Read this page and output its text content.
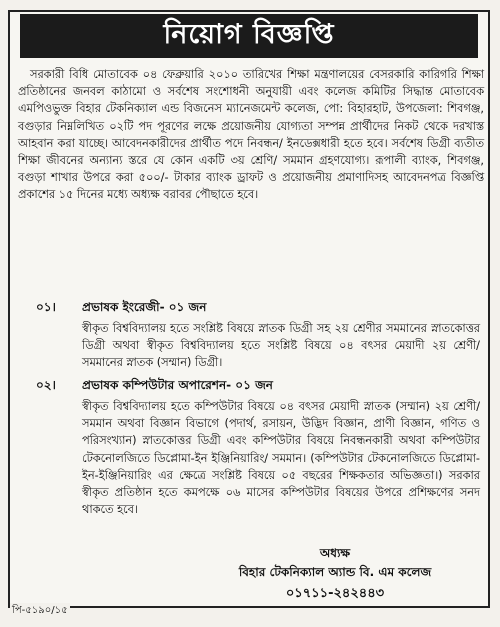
নিয়োগ বিজ্ঞপ্তি
সরকারী বিধি মোতাবেক ০৪ ফেব্রুয়ারি ২০১০ তারিখের শিক্ষা মন্ত্রণালয়ের বেসরকারি কারিগরি শিক্ষা প্রতিষ্ঠানের জনবল কাঠামো ও সর্বশেষ সংশোধনী অনুযায়ী এবং কলেজ কমিটির সিদ্ধান্ত মোতাবেক এমপিওভুক্ত বিহার টেকনিক্যাল এন্ড বিজনেস ম্যানেজমেন্ট কলেজ, পো: বিহারহাট, উপজেলা: শিবগঞ্জ, বগুড়ার নিম্নলিখিত ০২টি পদ পূরণের লক্ষে প্রয়োজনীয় যোগ্যতা সম্পন্ন প্রার্থীদের নিকট থেকে দরখাস্ত আহবান করা যাচ্ছে। আবেদনকারীদের প্রার্থীত পদে নিবন্ধন/ ইনডেক্সধারী হতে হবে। সর্বশেষ ডিগ্রী ব্যতীত শিক্ষা জীবনের অন্যান্য স্তরে যে কোন একটি ৩য় শ্রেণি/ সমমান গ্রহণযোগ্য। রূপালী ব্যাংক, শিবগঞ্জ, বগুড়া শাখার উপরে করা ৫০০/- টাকার ব্যাংক ড্রাফট ও প্রয়োজনীয় প্রমাণাদিসহ আবেদনপত্র বিজ্ঞপ্তি প্রকাশের ১৫ দিনের মধ্যে অধ্যক্ষ বরাবর পৌছাতে হবে।
০১। প্রভাষক ইংরেজী- ০১ জন
স্বীকৃত বিশ্ববিদ্যালয় হতে সংশ্লিষ্ট বিষয়ে স্নাতক ডিগ্রী সহ ২য় শ্রেণীর সমমানের স্নাতকোত্তর ডিগ্রী অথবা স্বীকৃত বিশ্ববিদ্যালয় হতে সংশ্লিষ্ট বিষয়ে ০৪ বৎসর মেয়াদী ২য় শ্রেণী/ সমমানের স্নাতক (সম্মান) ডিগ্রী।
০২। প্রভাষক কম্পিউটার অপারেশন- ০১ জন
স্বীকৃত বিশ্ববিদ্যালয় হতে কম্পিউটার বিষয়ে ০৪ বৎসর মেয়াদী স্নাতক (সম্মান) ২য় শ্রেণী/ সমমান অথবা বিজ্ঞান বিভাগে (পদার্থ, রসায়ন, উদ্ভিদ বিজ্ঞান, প্রাণী বিজ্ঞান, গণিত ও পরিসংখ্যান) স্নাতকোত্তর ডিগ্রী এবং কম্পিউটার বিষয়ে নিবন্ধনকারী অথবা কম্পিউটার টেকনোলজিতে ডিপ্লোমা-ইন ইঞ্জিনিয়ারিং/ সমমান। (কম্পিউটার টেকনোলজিতে ডিপ্লোমা-ইন-ইঞ্জিনিয়ারিং এর ক্ষেত্রে সংশ্লিষ্ট বিষয়ে ০৫ বছরের শিক্ষকতার অভিজ্ঞতা।) সরকার স্বীকৃত প্রতিষ্ঠান হতে কমপক্ষে ০৬ মাসের কম্পিউটার বিষয়ের উপরে প্রশিক্ষণের সনদ থাকতে হবে।
অধ্যক্ষ
বিহার টেকনিক্যাল অ্যান্ড বি. এম কলেজ
০১৭১১-২৪২৪৪৩
পি-৫১৯০/১৫
